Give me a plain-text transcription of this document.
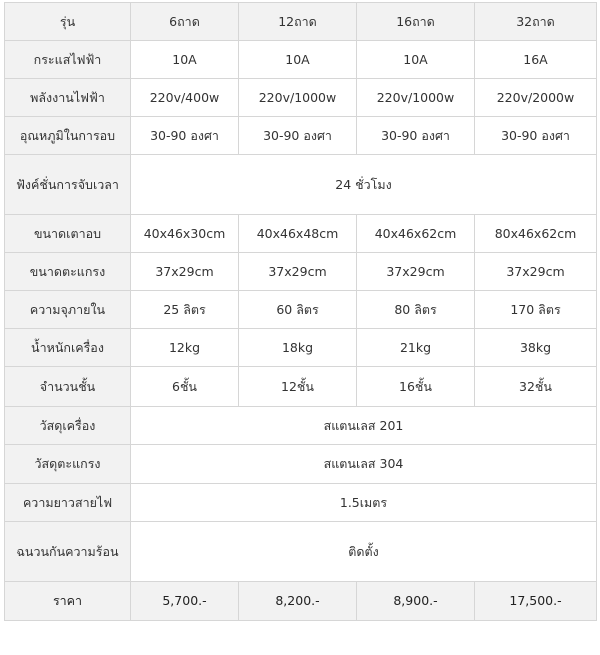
รุ่น	6ถาด	12ถาด	16ถาด	32ถาด
กระแสไฟฟ้า	10A	10A	10A	16A
พลังงานไฟฟ้า	220v/400w	220v/1000w	220v/1000w	220v/2000w
อุณหภูมิในการอบ	30-90 องศา	30-90 องศา	30-90 องศา	30-90 องศา
ฟังค์ชั่นการจับเวลา	24 ชั่วโมง			
ขนาดเตาอบ	40x46x30cm	40x46x48cm	40x46x62cm	80x46x62cm
ขนาดตะแกรง	37x29cm	37x29cm	37x29cm	37x29cm
ความจุภายใน	25 ลิตร	60 ลิตร	80 ลิตร	170 ลิตร
น้ำหนักเครื่อง	12kg	18kg	21kg	38kg
จำนวนชั้น	6ชั้น	12ชั้น	16ชั้น	32ชั้น
วัสดุเครื่อง	สแตนเลส 201			
วัสดุตะแกรง	สแตนเลส 304			
ความยาวสายไฟ	1.5เมตร			
ฉนวนกันความร้อน	ติดตั้ง			
ราคา	5,700.-	8,200.-	8,900.-	17,500.-
